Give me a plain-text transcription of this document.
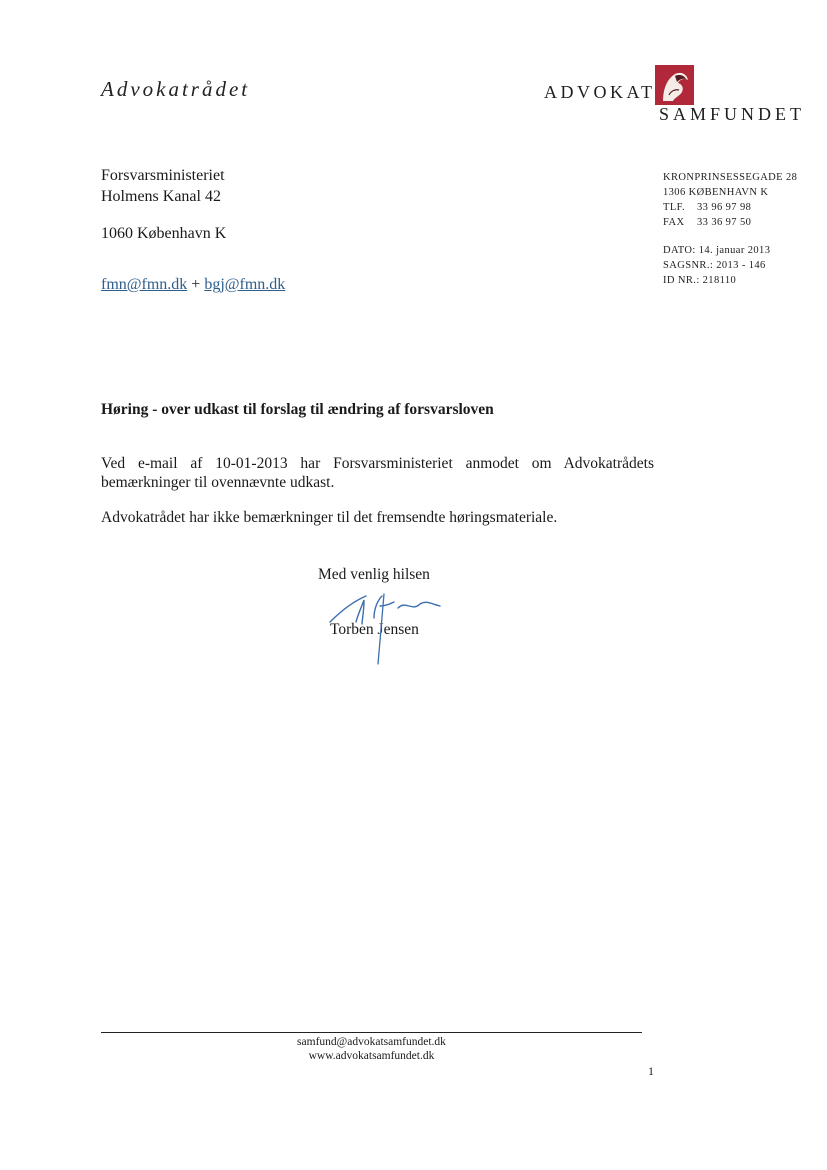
Advokatrådet	ADVOKAT
SAMFUNDET
Forsvarsministeriet
Holmens Kanal 42
1060 København K
fmn@fmn.dk + bgj@fmn.dk
KRONPRINSESSEGADE 28
1306 KØBENHAVN K
TLF. 33 96 97 98
FAX 33 36 97 50
DATO: 14. januar 2013
SAGSNR.: 2013 - 146
ID NR.: 218110
Høring - over udkast til forslag til ændring af forsvarsloven

Ved e-mail af 10-01-2013 har Forsvarsministeriet anmodet om Advokatrådets bemærkninger til ovennævnte udkast.

Advokatrådet har ikke bemærkninger til det fremsendte høringsmateriale.

Med venlig hilsen
Torben Jensen
samfund@advokatsamfundet.dk
www.advokatsamfundet.dk
1
